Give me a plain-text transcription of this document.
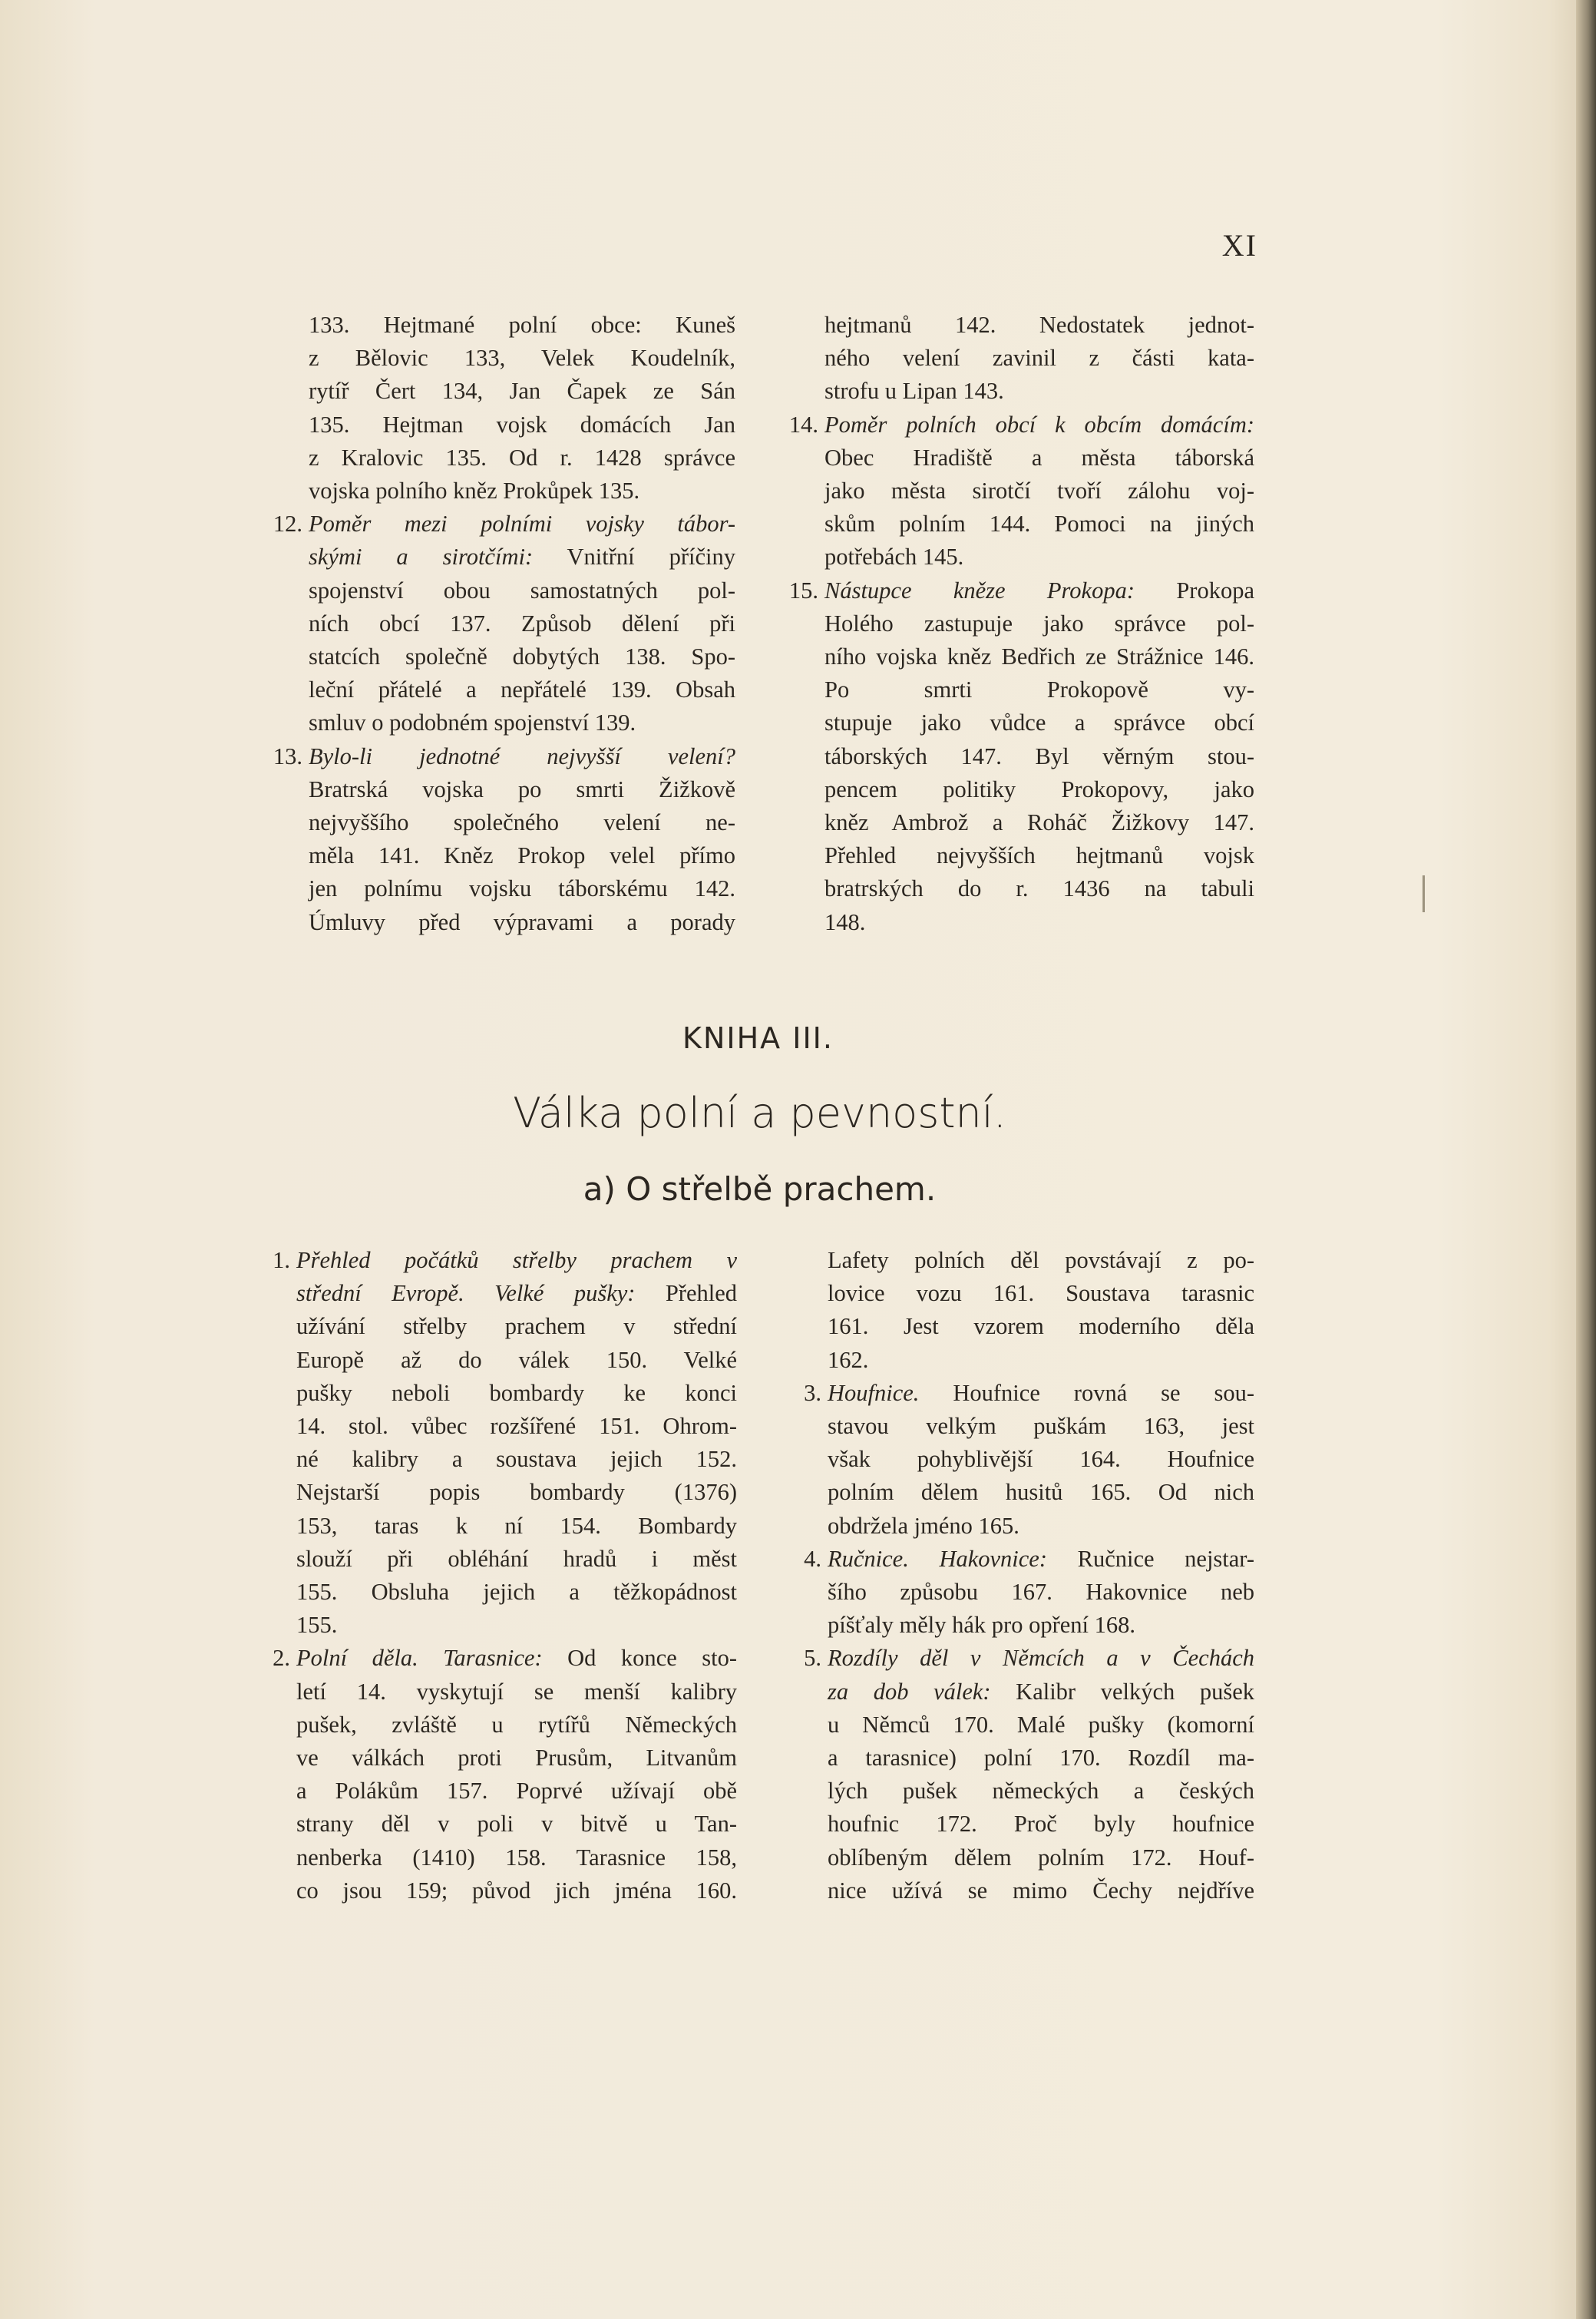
XI
133. Hejtmané polní obce: Kuneš
z Bělovic 133, Velek Koudelník,
rytíř Čert 134, Jan Čapek ze Sán
135. Hejtman vojsk domácích Jan
z Kralovic 135. Od r. 1428 správce
vojska polního kněz Prokůpek 135.
12. Poměr mezi polními vojsky tábor-
skými a sirotčími: Vnitřní příčiny
spojenství obou samostatných pol-
ních obcí 137. Způsob dělení při
statcích společně dobytých 138. Spo-
leční přátelé a nepřátelé 139. Obsah
smluv o podobném spojenství 139.
13. Bylo-li jednotné nejvyšší velení?
Bratrská vojska po smrti Žižkově
nejvyššího společného velení ne-
měla 141. Kněz Prokop velel přímo
jen polnímu vojsku táborskému 142.
Úmluvy před výpravami a porady
hejtmanů 142. Nedostatek jednot-
ného velení zavinil z části kata-
strofu u Lipan 143.
14. Poměr polních obcí k obcím domácím:
Obec Hradiště a města táborská
jako města sirotčí tvoří zálohu voj-
skům polním 144. Pomoci na jiných
potřebách 145.
15. Nástupce kněze Prokopa: Prokopa
Holého zastupuje jako správce pol-
ního vojska kněz Bedřich ze Strážnice 146.
Po smrti Prokopově vy-
stupuje jako vůdce a správce obcí
táborských 147. Byl věrným stou-
pencem politiky Prokopovy, jako
kněz Ambrož a Roháč Žižkovy 147.
Přehled nejvyšších hejtmanů vojsk
bratrských do r. 1436 na tabuli
148.
KNIHA III.
Válka polní a pevnostní.
a) O střelbě prachem.
1. Přehled počátků střelby prachem v
střední Evropě. Velké pušky: Přehled
užívání střelby prachem v střední
Europě až do válek 150. Velké
pušky neboli bombardy ke konci
14. stol. vůbec rozšířené 151. Ohrom-
né kalibry a soustava jejich 152.
Nejstarší popis bombardy (1376)
153, taras k ní 154. Bombardy
slouží při obléhání hradů i měst
155. Obsluha jejich a těžkopádnost
155.
2. Polní děla. Tarasnice: Od konce sto-
letí 14. vyskytují se menší kalibry
pušek, zvláště u rytířů Německých
ve válkách proti Prusům, Litvanům
a Polákům 157. Poprvé užívají obě
strany děl v poli v bitvě u Tan-
nenberka (1410) 158. Tarasnice 158,
co jsou 159; původ jich jména 160.
Lafety polních děl povstávají z po-
lovice vozu 161. Soustava tarasnic
161. Jest vzorem moderního děla
162.
3. Houfnice. Houfnice rovná se sou-
stavou velkým puškám 163, jest
však pohyblivější 164. Houfnice
polním dělem husitů 165. Od nich
obdržela jméno 165.
4. Ručnice. Hakovnice: Ručnice nejstar-
šího způsobu 167. Hakovnice neb
píšťaly měly hák pro opření 168.
5. Rozdíly děl v Němcích a v Čechách
za dob válek: Kalibr velkých pušek
u Němců 170. Malé pušky (komorní
a tarasnice) polní 170. Rozdíl ma-
lých pušek německých a českých
houfnic 172. Proč byly houfnice
oblíbeným dělem polním 172. Houf-
nice užívá se mimo Čechy nejdříve
